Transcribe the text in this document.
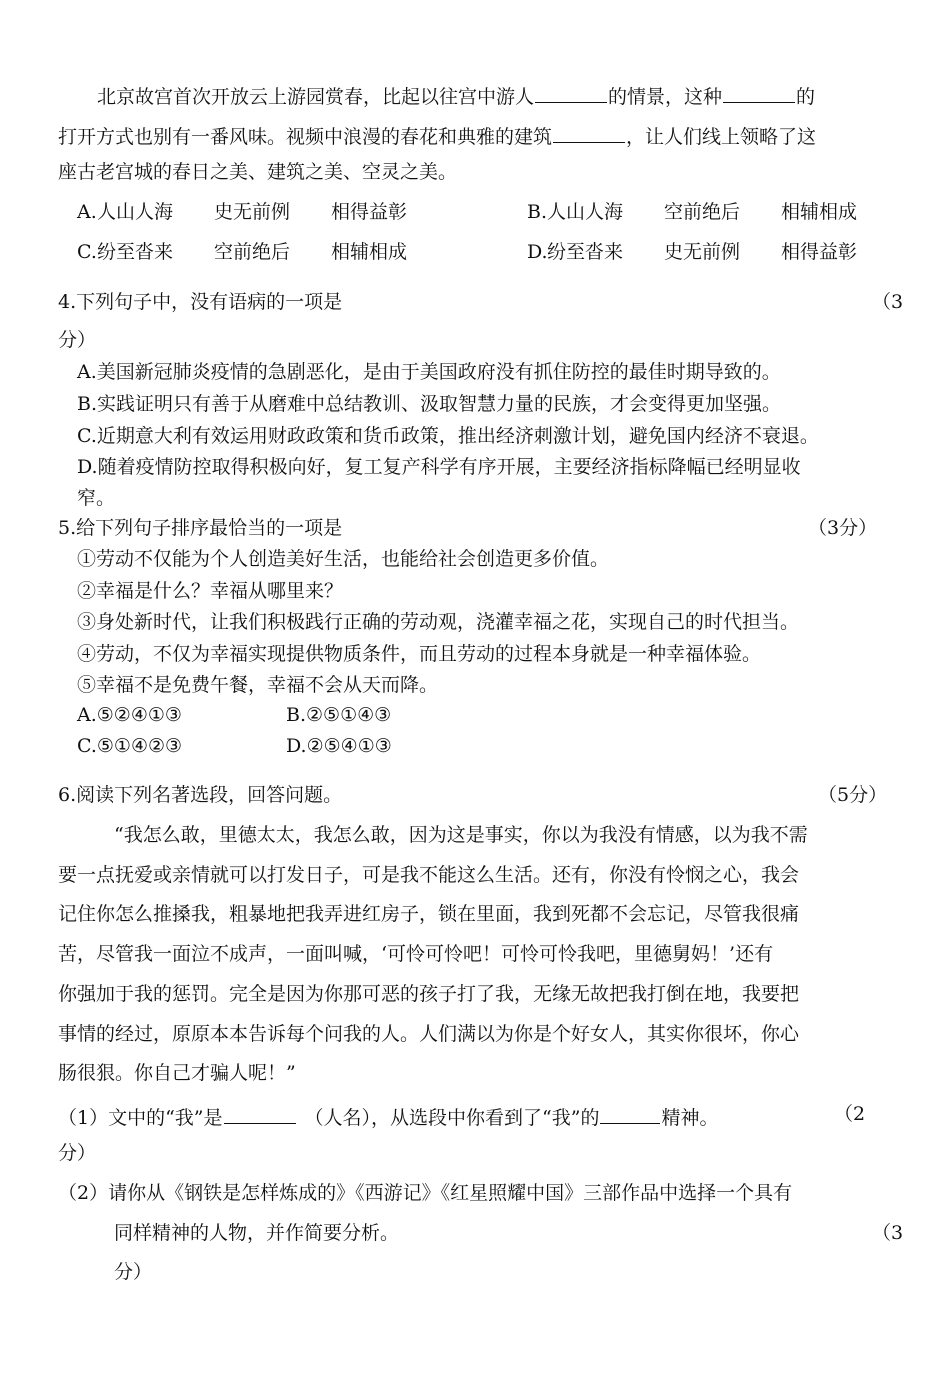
北京故宫首次开放云上游园赏春，比起以往宫中游人	的情景，这种	的
打开方式也别有一番风味。视频中浪漫的春花和典雅的建筑	，让人们线上领略了这
座古老宫城的春日之美、建筑之美、空灵之美。
A.人山人海 史无前例 相得益彰	B.人山人海 空前绝后 相辅相成
C.纷至沓来 空前绝后 相辅相成	D.纷至沓来 史无前例 相得益彰
4.下列句子中，没有语病的一项是	（3
分）
A.美国新冠肺炎疫情的急剧恶化，是由于美国政府没有抓住防控的最佳时期导致的。
B.实践证明只有善于从磨难中总结教训、汲取智慧力量的民族，才会变得更加坚强。
C.近期意大利有效运用财政政策和货币政策，推出经济刺激计划，避免国内经济不衰退。
D.随着疫情防控取得积极向好，复工复产科学有序开展，主要经济指标降幅已经明显收
窄。
5.给下列句子排序最恰当的一项是	（3分）
①劳动不仅能为个人创造美好生活，也能给社会创造更多价值。
②幸福是什么？幸福从哪里来？
③身处新时代，让我们积极践行正确的劳动观，浇灌幸福之花，实现自己的时代担当。
④劳动，不仅为幸福实现提供物质条件，而且劳动的过程本身就是一种幸福体验。
⑤幸福不是免费午餐，幸福不会从天而降。
A.⑤②④①③	B.②⑤①④③
C.⑤①④②③	D.②⑤④①③
6.阅读下列名著选段，回答问题。	（5分）
“我怎么敢，里德太太，我怎么敢，因为这是事实，你以为我没有情感，以为我不需
要一点抚爱或亲情就可以打发日子，可是我不能这么生活。还有，你没有怜悯之心，我会
记住你怎么推搡我，粗暴地把我弄进红房子，锁在里面，我到死都不会忘记，尽管我很痛
苦，尽管我一面泣不成声，一面叫喊，‘可怜可怜吧！可怜可怜我吧，里德舅妈！’还有
你强加于我的惩罚。完全是因为你那可恶的孩子打了我，无缘无故把我打倒在地，我要把
事情的经过，原原本本告诉每个问我的人。人们满以为你是个好女人，其实你很坏，你心
肠很狠。你自己才骗人呢！”
（1）文中的“我”是	（人名），从选段中你看到了“我”的	精神。	（2
分）
（2）请你从《钢铁是怎样炼成的》《西游记》《红星照耀中国》三部作品中选择一个具有
同样精神的人物，并作简要分析。	（3
分）
